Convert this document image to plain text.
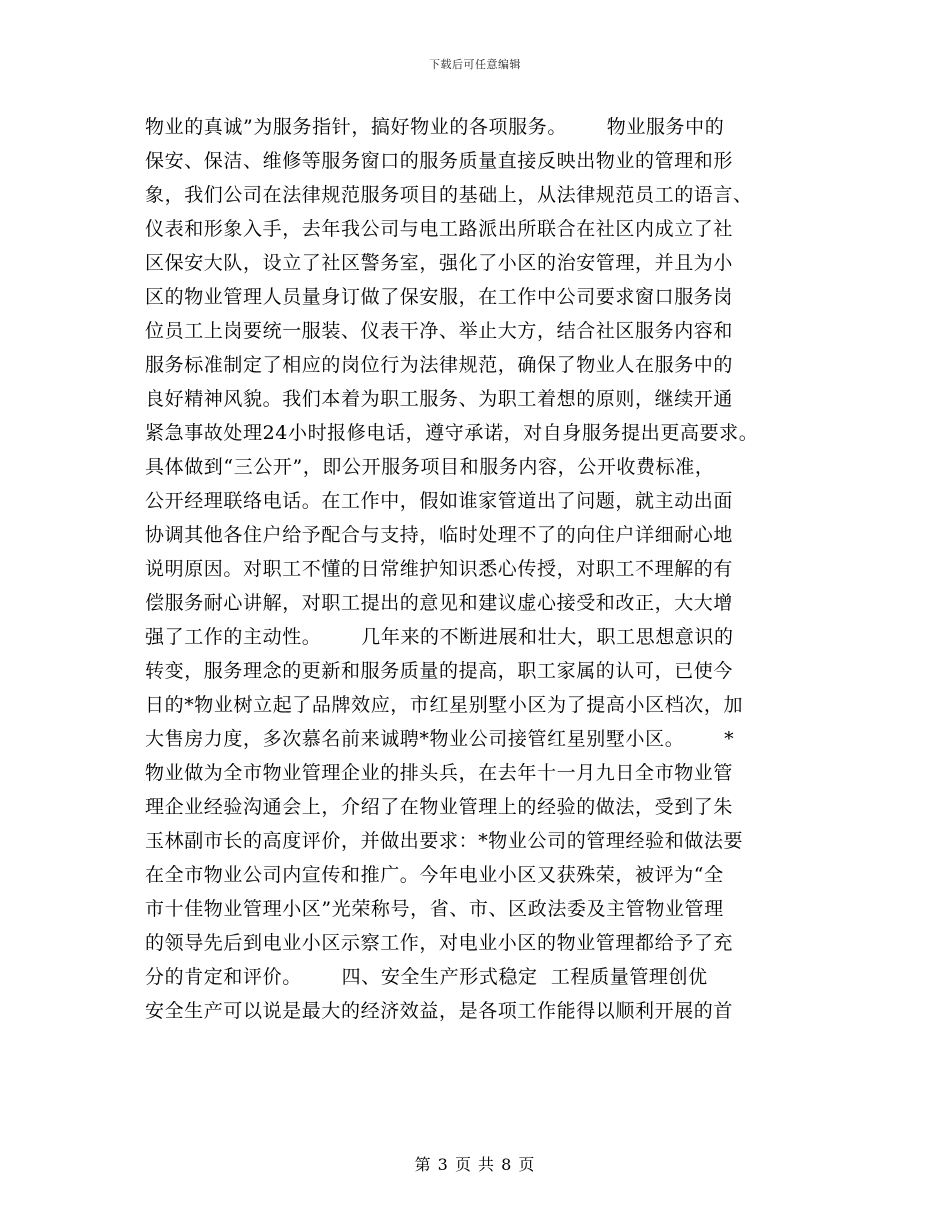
下载后可任意编辑
物业的真诚”为服务指针，搞好物业的各项服务。      物业服务中的
保安、保洁、维修等服务窗口的服务质量直接反映出物业的管理和形
象，我们公司在法律规范服务项目的基础上，从法律规范员工的语言、
仪表和形象入手，去年我公司与电工路派出所联合在社区内成立了社
区保安大队，设立了社区警务室，强化了小区的治安管理，并且为小
区的物业管理人员量身订做了保安服，在工作中公司要求窗口服务岗
位员工上岗要统一服装、仪表干净、举止大方，结合社区服务内容和
服务标准制定了相应的岗位行为法律规范，确保了物业人在服务中的
良好精神风貌。我们本着为职工服务、为职工着想的原则，继续开通
紧急事故处理24小时报修电话，遵守承诺，对自身服务提出更高要求。
具体做到“三公开”，即公开服务项目和服务内容，公开收费标准，
公开经理联络电话。在工作中，假如谁家管道出了问题，就主动出面
协调其他各住户给予配合与支持，临时处理不了的向住户详细耐心地
说明原因。对职工不懂的日常维护知识悉心传授，对职工不理解的有
偿服务耐心讲解，对职工提出的意见和建议虚心接受和改正，大大增
强了工作的主动性。      几年来的不断进展和壮大，职工思想意识的
转变，服务理念的更新和服务质量的提高，职工家属的认可，已使今
日的*物业树立起了品牌效应，市红星别墅小区为了提高小区档次，加
大售房力度，多次慕名前来诚聘*物业公司接管红星别墅小区。      *
物业做为全市物业管理企业的排头兵，在去年十一月九日全市物业管
理企业经验沟通会上，介绍了在物业管理上的经验的做法，受到了朱
玉林副市长的高度评价，并做出要求：*物业公司的管理经验和做法要
在全市物业公司内宣传和推广。今年电业小区又获殊荣，被评为“全
市十佳物业管理小区”光荣称号，省、市、区政法委及主管物业管理
的领导先后到电业小区示察工作，对电业小区的物业管理都给予了充
分的肯定和评价。      四、安全生产形式稳定  工程质量管理创优
安全生产可以说是最大的经济效益，是各项工作能得以顺利开展的首
第 3 页 共 8 页
